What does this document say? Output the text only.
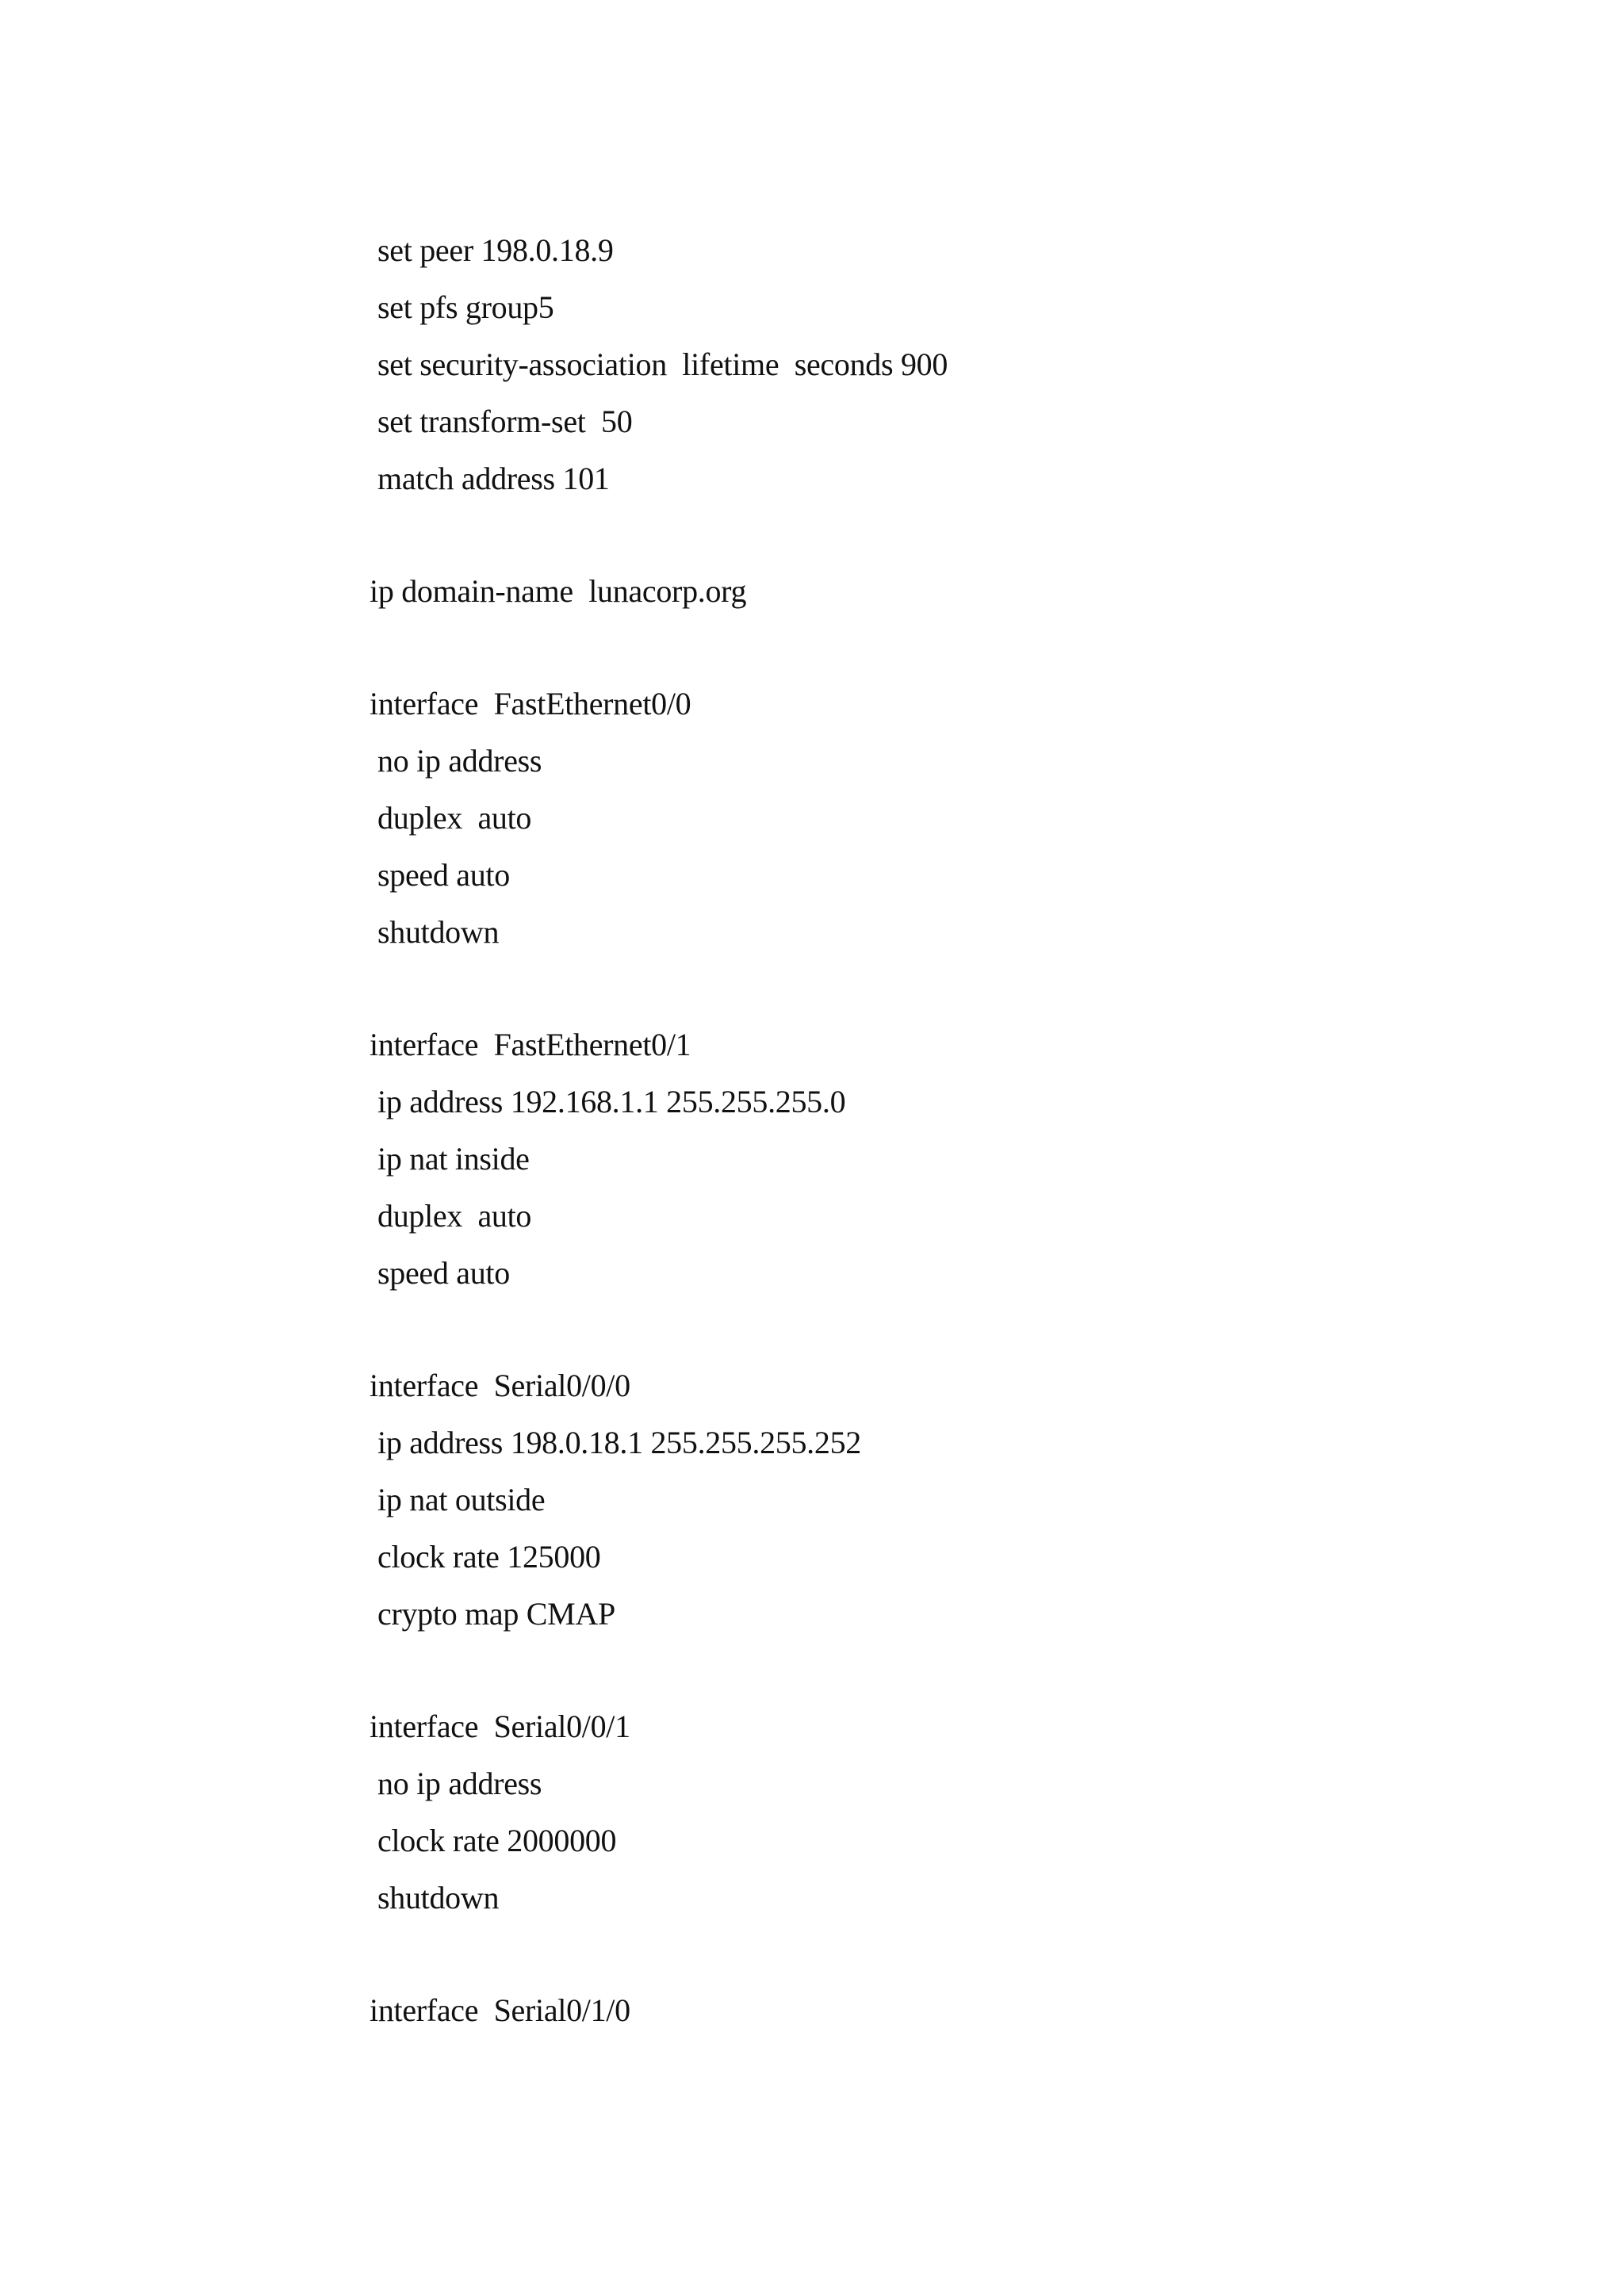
set peer 198.0.18.9
set pfs group5
set security-association  lifetime  seconds 900
set transform-set  50
match address 101
ip domain-name  lunacorp.org
interface  FastEthernet0/0
no ip address
duplex  auto
speed auto
shutdown
interface  FastEthernet0/1
ip address 192.168.1.1 255.255.255.0
ip nat inside
duplex  auto
speed auto
interface  Serial0/0/0
ip address 198.0.18.1 255.255.255.252
ip nat outside
clock rate 125000
crypto map CMAP
interface  Serial0/0/1
no ip address
clock rate 2000000
shutdown
interface  Serial0/1/0
